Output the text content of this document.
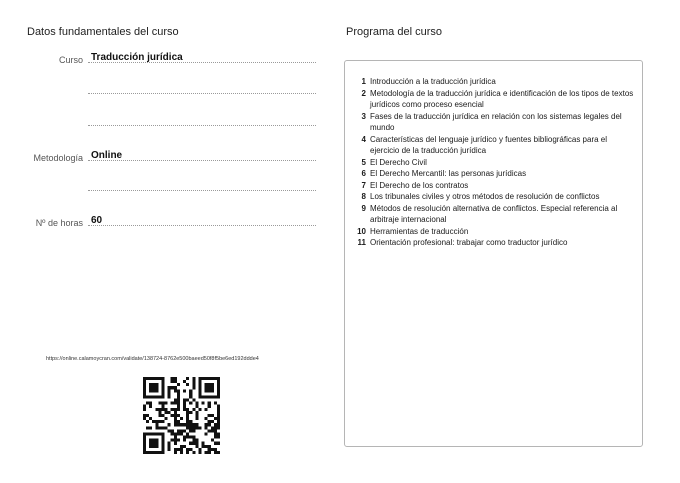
Datos fundamentales del curso	Programa del curso
Curso Traducción jurídica
Metodología Online
Nº de horas 60
1 Introducción a la traducción jurídica
2 Metodología de la traducción jurídica e identificación de los tipos de textos jurídicos como proceso esencial
3 Fases de la traducción jurídica en relación con los sistemas legales del mundo
4 Características del lenguaje jurídico y fuentes bibliográficas para el ejercicio de la traducción jurídica
5 El Derecho Civil
6 El Derecho Mercantil: las personas jurídicas
7 El Derecho de los contratos
8 Los tribunales civiles y otros métodos de resolución de conflictos
9 Métodos de resolución alternativa de conflictos. Especial referencia al arbitraje internacional
10 Herramientas de traducción
11 Orientación profesional: trabajar como traductor jurídico
https://online.calamoycran.com/validate/138724-8762e500baeed50f8f5be6ed192ddde4
